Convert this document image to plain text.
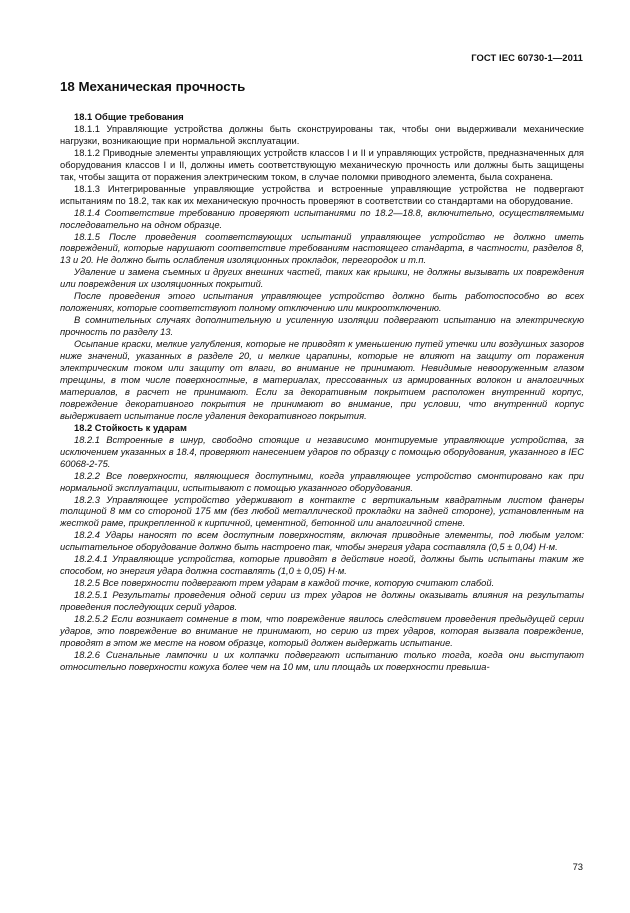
ГОСТ IEC 60730-1—2011
18 Механическая прочность

18.1 Общие требования

18.1.1 Управляющие устройства должны быть сконструированы так, чтобы они выдерживали механические нагрузки, возникающие при нормальной эксплуатации.

18.1.2 Приводные элементы управляющих устройств классов I и II и управляющих устройств, предназначенных для оборудования классов I и II, должны иметь соответствующую механическую прочность или должны быть защищены так, чтобы защита от поражения электрическим током, в случае поломки приводного элемента, была сохранена.

18.1.3 Интегрированные управляющие устройства и встроенные управляющие устройства не подвергают испытаниям по 18.2, так как их механическую прочность проверяют в соответствии со стандартами на оборудование.

18.1.4 Соответствие требованию проверяют испытаниями по 18.2—18.8, включительно, осуществляемыми последовательно на одном образце.

18.1.5 После проведения соответствующих испытаний управляющее устройство не должно иметь повреждений, которые нарушают соответствие требованиям настоящего стандарта, в частности, разделов 8, 13 и 20. Не должно быть ослабления изоляционных прокладок, перегородок и т.п.

Удаление и замена съемных и других внешних частей, таких как крышки, не должны вызывать их повреждения или повреждения их изоляционных покрытий.

После проведения этого испытания управляющее устройство должно быть работоспособно во всех положениях, которые соответствуют полному отключению или микроотключению.

В сомнительных случаях дополнительную и усиленную изоляции подвергают испытанию на электрическую прочность по разделу 13.

Осыпание краски, мелкие углубления, которые не приводят к уменьшению путей утечки или воздушных зазоров ниже значений, указанных в разделе 20, и мелкие царапины, которые не влияют на защиту от поражения электрическим током или защиту от влаги, во внимание не принимают. Невидимые невооруженным глазом трещины, в том числе поверхностные, в материалах, прессованных из армированных волокон и аналогичных материалов, в расчет не принимают. Если за декоративным покрытием расположен внутренний корпус, повреждение декоративного покрытия не принимают во внимание, при условии, что внутренний корпус выдерживает испытание после удаления декоративного покрытия.

18.2 Стойкость к ударам

18.2.1 Встроенные в шнур, свободно стоящие и независимо монтируемые управляющие устройства, за исключением указанных в 18.4, проверяют нанесением ударов по образцу с помощью оборудования, указанного в IEC 60068-2-75.

18.2.2 Все поверхности, являющиеся доступными, когда управляющее устройство смонтировано как при нормальной эксплуатации, испытывают с помощью указанного оборудования.

18.2.3 Управляющее устройство удерживают в контакте с вертикальным квадратным листом фанеры толщиной 8 мм со стороной 175 мм (без любой металлической прокладки на задней стороне), установленным на жесткой раме, прикрепленной к кирпичной, цементной, бетонной или аналогичной стене.

18.2.4 Удары наносят по всем доступным поверхностям, включая приводные элементы, под любым углом: испытательное оборудование должно быть настроено так, чтобы энергия удара составляла (0,5 ± 0,04) Н·м.

18.2.4.1 Управляющие устройства, которые приводят в действие ногой, должны быть испытаны таким же способом, но энергия удара должна составлять (1,0 ± 0,05) Н·м.

18.2.5 Все поверхности подвергают трем ударам в каждой точке, которую считают слабой.

18.2.5.1 Результаты проведения одной серии из трех ударов не должны оказывать влияния на результаты проведения последующих серий ударов.

18.2.5.2 Если возникает сомнение в том, что повреждение явилось следствием проведения предыдущей серии ударов, это повреждение во внимание не принимают, но серию из трех ударов, которая вызвала повреждение, проводят в этом же месте на новом образце, который должен выдержать испытание.

18.2.6 Сигнальные лампочки и их колпачки подвергают испытанию только тогда, когда они выступают относительно поверхности кожуха более чем на 10 мм, или площадь их поверхности превыша-

73
